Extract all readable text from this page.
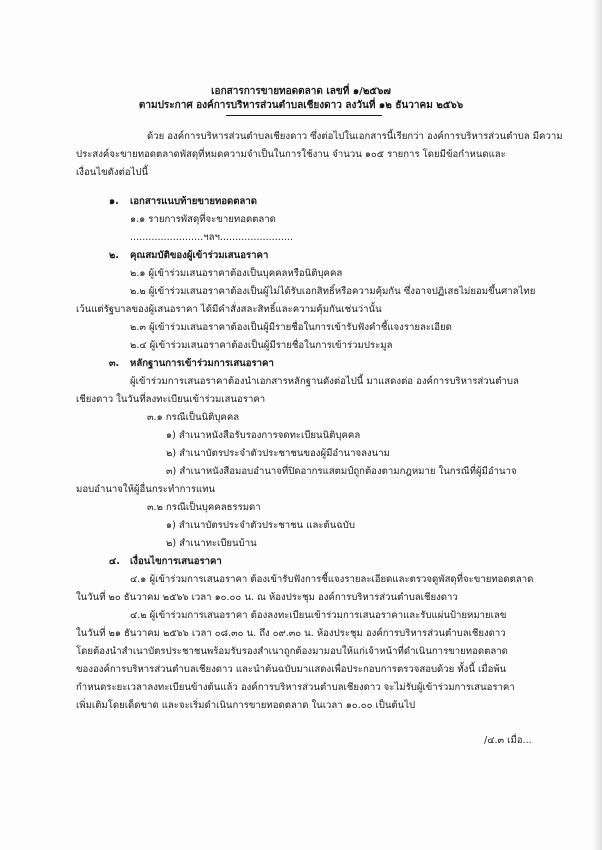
เอกสารการขายทอดตลาด เลขที่ ๑/๒๕๖๗
ตามประกาศ องค์การบริหารส่วนตำบลเชียงดาว ลงวันที่ ๑๒ ธันวาคม ๒๕๖๖
ด้วย องค์การบริหารส่วนตำบลเชียงดาว ซึ่งต่อไปในเอกสารนี้เรียกว่า องค์การบริหารส่วนตำบล มีความ
ประสงค์จะขายทอดตลาดพัสดุที่หมดความจำเป็นในการใช้งาน จำนวน ๑๐๕ รายการ โดยมีข้อกำหนดและ
เงื่อนไขดังต่อไปนี้
๑. เอกสารแนบท้ายขายทอดตลาด
๑.๑ รายการพัสดุที่จะขายทอดตลาด
........................ฯลฯ........................
๒. คุณสมบัติของผู้เข้าร่วมเสนอราคา
๒.๑ ผู้เข้าร่วมเสนอราคาต้องเป็นบุคคลหรือนิติบุคคล
๒.๒ ผู้เข้าร่วมเสนอราคาต้องเป็นผู้ไม่ได้รับเอกสิทธิ์หรือความคุ้มกัน ซึ่งอาจปฏิเสธไม่ยอมขึ้นศาลไทย
เว้นแต่รัฐบาลของผู้เสนอราคา ได้มีคำสั่งสละสิทธิ์และความคุ้มกันเช่นว่านั้น
๒.๓ ผู้เข้าร่วมเสนอราคาต้องเป็นผู้มีรายชื่อในการเข้ารับฟังคำชี้แจงรายละเอียด
๒.๔ ผู้เข้าร่วมเสนอราคาต้องเป็นผู้มีรายชื่อในการเข้าร่วมประมูล
๓. หลักฐานการเข้าร่วมการเสนอราคา
ผู้เข้าร่วมการเสนอราคาต้องนำเอกสารหลักฐานดังต่อไปนี้ มาแสดงต่อ องค์การบริหารส่วนตำบล
เชียงดาว ในวันที่ลงทะเบียนเข้าร่วมเสนอราคา
๓.๑ กรณีเป็นนิติบุคคล
๑) สำเนาหนังสือรับรองการจดทะเบียนนิติบุคคล
๒) สำเนาบัตรประจำตัวประชาชนของผู้มีอำนาจลงนาม
๓) สำเนาหนังสือมอบอำนาจที่ปิดอากรแสตมป์ถูกต้องตามกฎหมาย ในกรณีที่ผู้มีอำนาจ
มอบอำนาจให้ผู้อื่นกระทำการแทน
๓.๒ กรณีเป็นบุคคลธรรมดา
๑) สำเนาบัตรประจำตัวประชาชน และต้นฉบับ
๒) สำเนาทะเบียนบ้าน
๔. เงื่อนไขการเสนอราคา
๔.๑ ผู้เข้าร่วมการเสนอราคา ต้องเข้ารับฟังการชี้แจงรายละเอียดและตรวจดูพัสดุที่จะขายทอดตลาด
ในวันที่ ๒๐ ธันวาคม ๒๕๖๖ เวลา ๑๐.๐๐ น. ณ ห้องประชุม องค์การบริหารส่วนตำบลเชียงดาว
๔.๒ ผู้เข้าร่วมการเสนอราคา ต้องลงทะเบียนเข้าร่วมการเสนอราคาและรับแผ่นป้ายหมายเลข
ในวันที่ ๒๑ ธันวาคม ๒๕๖๖ เวลา ๐๘.๓๐ น. ถึง ๐๙.๓๐ น. ห้องประชุม องค์การบริหารส่วนตำบลเชียงดาว
โดยต้องนำสำเนาบัตรประชาชนพร้อมรับรองสำเนาถูกต้องมามอบให้แก่เจ้าหน้าที่ดำเนินการขายทอดตลาด
ขององค์การบริหารส่วนตำบลเชียงดาว และนำต้นฉบับมาแสดงเพื่อประกอบการตรวจสอบด้วย ทั้งนี้ เมื่อพ้น
กำหนดระยะเวลาลงทะเบียนข้างต้นแล้ว องค์การบริหารส่วนตำบลเชียงดาว จะไม่รับผู้เข้าร่วมการเสนอราคา
เพิ่มเติมโดยเด็ดขาด และจะเริ่มดำเนินการขายทอดตลาด ในเวลา ๑๐.๐๐ เป็นต้นไป
/๔.๓ เมื่อ...
